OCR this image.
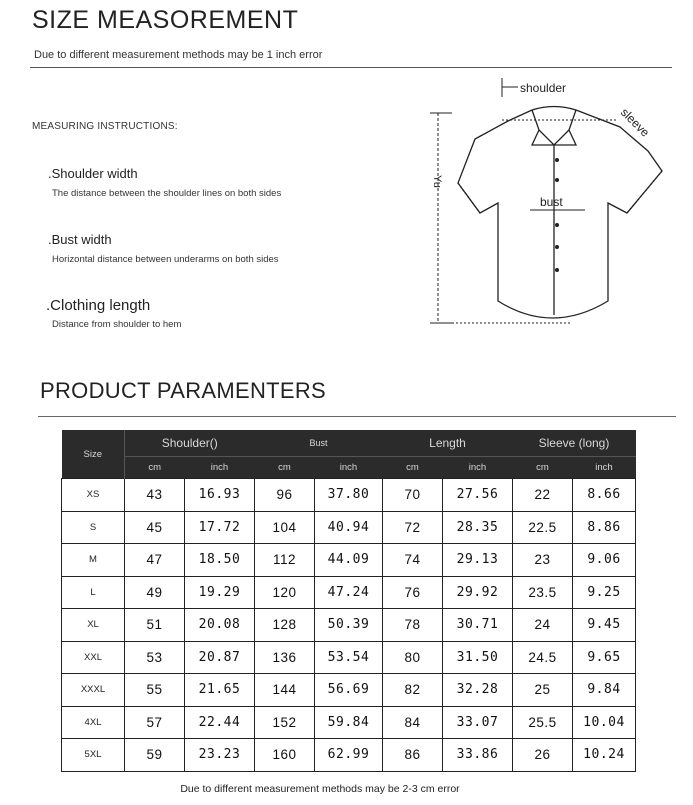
SIZE MEASOREMENT
Due to different measurement methods may be 1 inch error
MEASURING INSTRUCTIONS:
.Shoulder width
The distance between the shoulder lines on both sides
.Bust width
Horizontal distance between underarms on both sides
.Clothing length
Distance from shoulder to hem
shoulder
sleeve
bust
Yu
PRODUCT PARAMENTERS
Size	Shoulder()		Bust		Length		Sleeve (long)	
	cm	inch	cm	inch	cm	inch	cm	inch
XS	43	16.93	96	37.80	70	27.56	22	8.66
S	45	17.72	104	40.94	72	28.35	22.5	8.86
M	47	18.50	112	44.09	74	29.13	23	9.06
L	49	19.29	120	47.24	76	29.92	23.5	9.25
XL	51	20.08	128	50.39	78	30.71	24	9.45
XXL	53	20.87	136	53.54	80	31.50	24.5	9.65
XXXL	55	21.65	144	56.69	82	32.28	25	9.84
4XL	57	22.44	152	59.84	84	33.07	25.5	10.04
5XL	59	23.23	160	62.99	86	33.86	26	10.24
Due to different measurement methods may be 2-3 cm error
